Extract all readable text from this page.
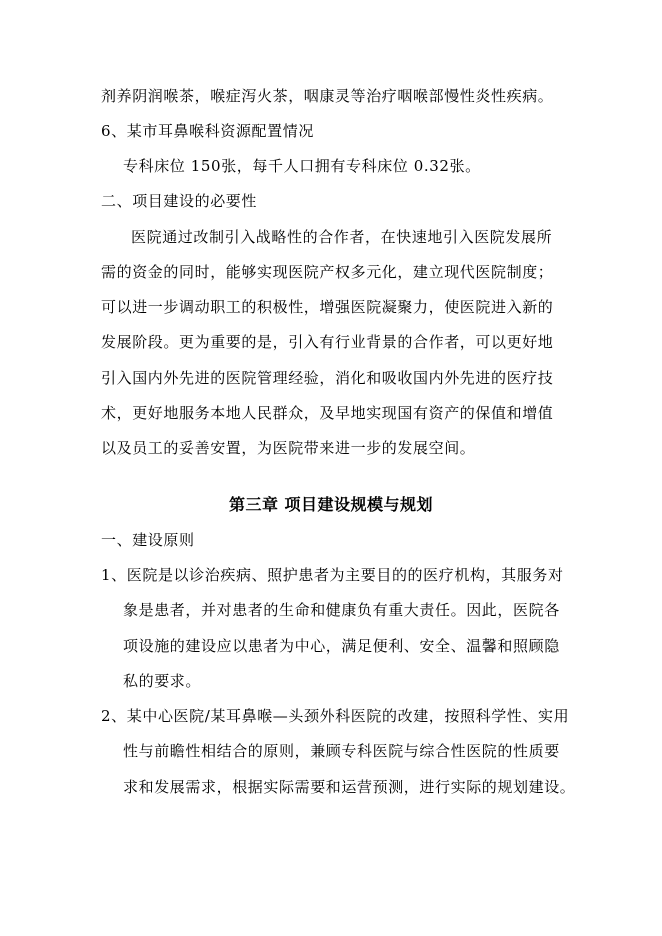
剂养阴润喉茶，喉症泻火茶，咽康灵等治疗咽喉部慢性炎性疾病。
6、某市耳鼻喉科资源配置情况
专科床位 150张，每千人口拥有专科床位 0.32张。
二、项目建设的必要性
医院通过改制引入战略性的合作者，在快速地引入医院发展所
需的资金的同时，能够实现医院产权多元化，建立现代医院制度；
可以进一步调动职工的积极性，增强医院凝聚力，使医院进入新的
发展阶段。更为重要的是，引入有行业背景的合作者，可以更好地
引入国内外先进的医院管理经验，消化和吸收国内外先进的医疗技
术，更好地服务本地人民群众，及早地实现国有资产的保值和增值
以及员工的妥善安置，为医院带来进一步的发展空间。
第三章 项目建设规模与规划
一、建设原则
1、医院是以诊治疾病、照护患者为主要目的的医疗机构，其服务对
象是患者，并对患者的生命和健康负有重大责任。因此，医院各
项设施的建设应以患者为中心，满足便利、安全、温馨和照顾隐
私的要求。
2、某中心医院/某耳鼻喉—头颈外科医院的改建，按照科学性、实用
性与前瞻性相结合的原则，兼顾专科医院与综合性医院的性质要
求和发展需求，根据实际需要和运营预测，进行实际的规划建设。
